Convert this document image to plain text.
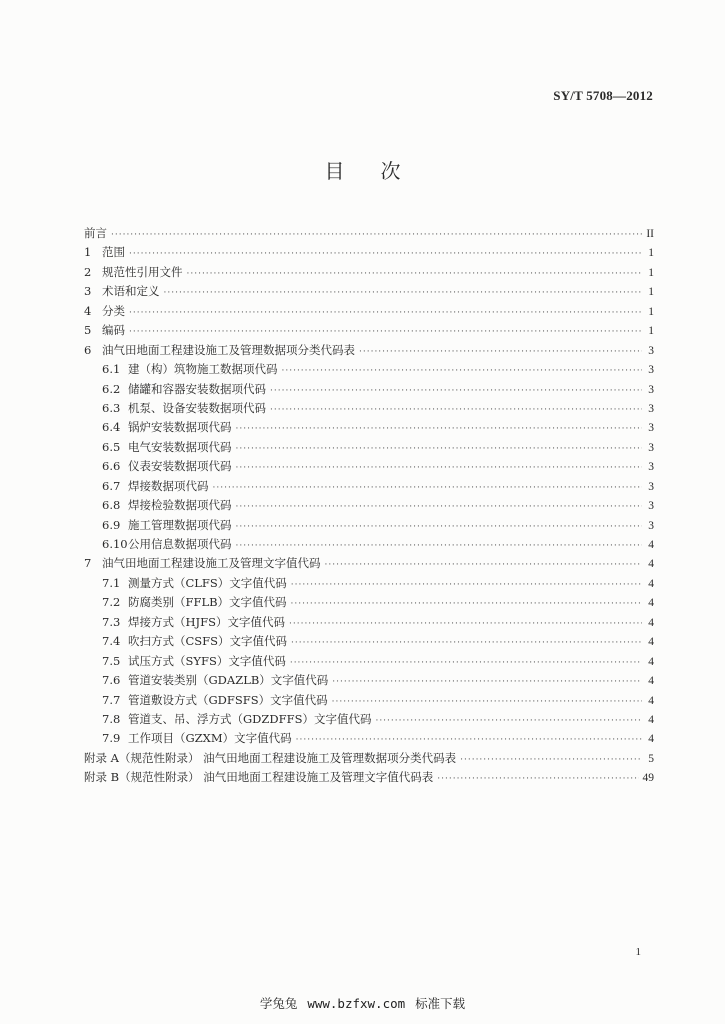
SY/T 5708—2012
目次
前言 ·····	II
1 范围 ·····	1
2 规范性引用文件 ·····	1
3 术语和定义 ·····	1
4 分类 ·····	1
5 编码 ·····	1
6 油气田地面工程建设施工及管理数据项分类代码表 ·····	3
6.1 建（构）筑物施工数据项代码 ·····	3
6.2 储罐和容器安装数据项代码 ·····	3
6.3 机泵、设备安装数据项代码 ·····	3
6.4 锅炉安装数据项代码 ·····	3
6.5 电气安装数据项代码 ·····	3
6.6 仪表安装数据项代码 ·····	3
6.7 焊接数据项代码 ·····	3
6.8 焊接检验数据项代码 ·····	3
6.9 施工管理数据项代码 ·····	3
6.10 公用信息数据项代码 ·····	4
7 油气田地面工程建设施工及管理文字值代码 ·····	4
7.1 测量方式（CLFS）文字值代码 ·····	4
7.2 防腐类别（FFLB）文字值代码 ·····	4
7.3 焊接方式（HJFS）文字值代码 ·····	4
7.4 吹扫方式（CSFS）文字值代码 ·····	4
7.5 试压方式（SYFS）文字值代码 ·····	4
7.6 管道安装类别（GDAZLB）文字值代码 ·····	4
7.7 管道敷设方式（GDFSFS）文字值代码 ·····	4
7.8 管道支、吊、浮方式（GDZDFFS）文字值代码 ·····	4
7.9 工作项目（GZXM）文字值代码 ·····	4
附录 A（规范性附录） 油气田地面工程建设施工及管理数据项分类代码表 ·····	5
附录 B（规范性附录） 油气田地面工程建设施工及管理文字值代码表 ·····	49
1
学兔兔 www.bzfxw.com 标准下载
